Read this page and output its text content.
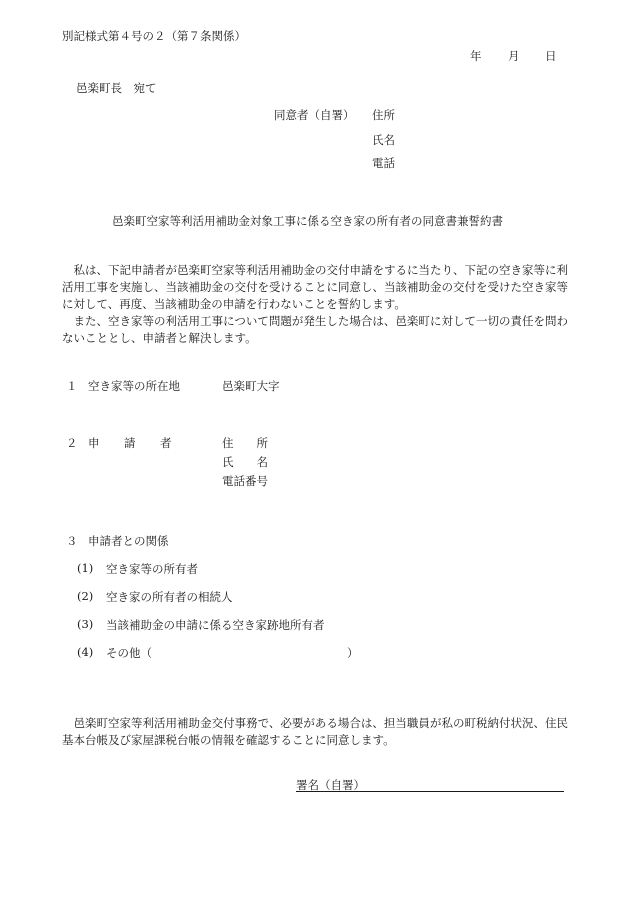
別記様式第４号の２（第７条関係）
年 月 日
邑楽町長　宛て
同意者（自署） 住所
氏名
電話
邑楽町空家等利活用補助金対象工事に係る空き家の所有者の同意書兼誓約書
　私は、下記申請者が邑楽町空家等利活用補助金の交付申請をするに当たり、下記の空き家等に利活用工事を実施し、当該補助金の交付を受けることに同意し、当該補助金の交付を受けた空き家等に対して、再度、当該補助金の申請を行わないことを誓約します。
　また、空き家等の利活用工事について問題が発生した場合は、邑楽町に対して一切の責任を問わないこととし、申請者と解決します。
１ 空き家等の所在地	邑楽町大字
２ 申 請 者	住　　所
氏　　名
電話番号
３ 申請者との関係
(1) 空き家等の所有者
(2) 空き家の所有者の相続人
(3) 当該補助金の申請に係る空き家跡地所有者
(4) その他（	）
　邑楽町空家等利活用補助金交付事務で、必要がある場合は、担当職員が私の町税納付状況、住民基本台帳及び家屋課税台帳の情報を確認することに同意します。
署名（自署）
